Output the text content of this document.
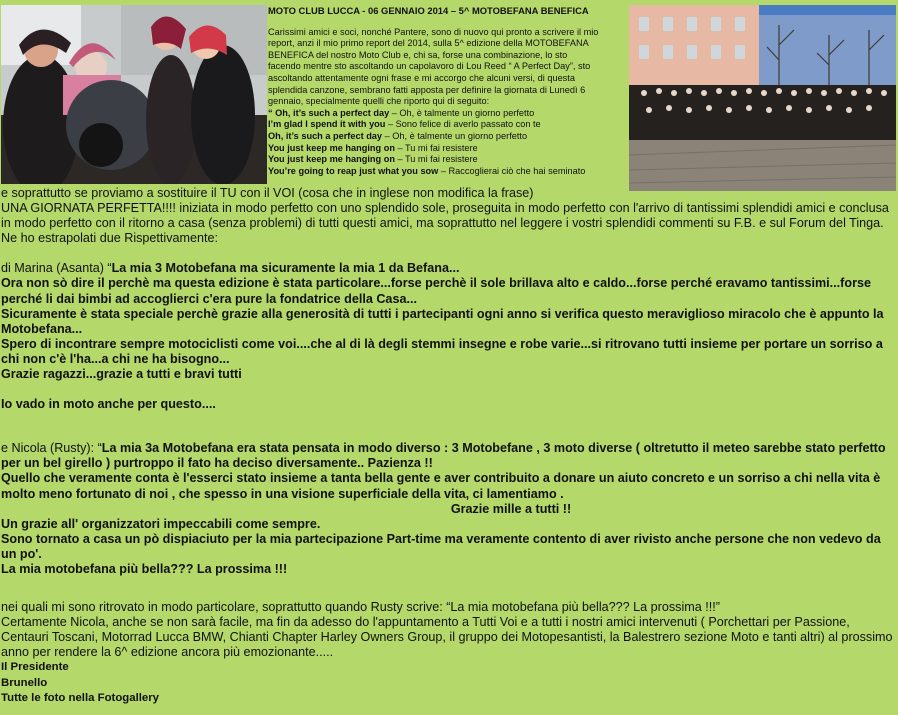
MOTO CLUB LUCCA - 06 GENNAIO 2014 – 5^ MOTOBEFANA BENEFICA
Carissimi amici e soci, nonché Pantere, sono di nuovo qui pronto a scrivere il mio
report, anzi il mio primo report del 2014, sulla 5^ edizione della MOTOBEFANA
BENEFICA del nostro Moto Club e, chi sa, forse una combinazione, lo sto
facendo mentre sto ascoltando un capolavoro di Lou Reed “ A Perfect Day”, sto
ascoltando attentamente ogni frase e mi accorgo che alcuni versi, di questa
splendida canzone, sembrano fatti apposta per definire la giornata di Lunedì 6
gennaio, specialmente quelli che riporto qui di seguito:
“ Oh, it’s such a perfect day – Oh, è talmente un giorno perfetto
I’m glad I spend it with you – Sono felice di averlo passato con te
Oh, it’s such a perfect day – Oh, è talmente un giorno perfetto
You just keep me hanging on – Tu mi fai resistere
You just keep me hanging on – Tu mi fai resistere
You’re going to reap just what you sow – Raccoglierai ciò che hai seminato

e soprattutto se proviamo a sostituire il TU con il VOI (cosa che in inglese non modifica la frase)

UNA GIORNATA PERFETTA!!!! iniziata in modo perfetto con uno splendido sole, proseguita in modo perfetto con l'arrivo di tantissimi splendidi amici e conclusa in modo perfetto con il ritorno a casa (senza problemi) di tutti questi amici, ma soprattutto nel leggere i vostri splendidi commenti su F.B. e sul Forum del Tinga.

Ne ho estrapolati due Rispettivamente:

di Marina (Asanta) “La mia 3 Motobefana ma sicuramente la mia 1 da Befana...

Ora non sò dire il perchè ma questa edizione è stata particolare...forse perchè il sole brillava alto e caldo...forse perché eravamo tantissimi...forse perché li dai bimbi ad accoglierci c'era pure la fondatrice della Casa...

Sicuramente è stata speciale perchè grazie alla generosità di tutti i partecipanti ogni anno si verifica questo meraviglioso miracolo che è appunto la Motobefana...

Spero di incontrare sempre motociclisti come voi....che al di là degli stemmi insegne e robe varie...si ritrovano tutti insieme per portare un sorriso a chi non c'è l'ha...a chi ne ha bisogno...

Grazie ragazzi...grazie a tutti e bravi tutti

Io vado in moto anche per questo....

e Nicola (Rusty): “La mia 3a Motobefana era stata pensata in modo diverso : 3 Motobefane , 3 moto diverse ( oltretutto il meteo sarebbe stato perfetto per un bel girello ) purtroppo il fato ha deciso diversamente.. Pazienza !!

Quello che veramente conta è l'esserci stato insieme a tanta bella gente e aver contribuito a donare un aiuto concreto e un sorriso a chi nella vita è molto meno fortunato di noi , che spesso in una visione superficiale della vita, ci lamentiamo .

Grazie mille a tutti !!

Un grazie all' organizzatori impeccabili come sempre.

Sono tornato a casa un pò dispiaciuto per la mia partecipazione Part-time ma veramente contento di aver rivisto anche persone che non vedevo da un po'.

La mia motobefana più bella??? La prossima !!!

nei quali mi sono ritrovato in modo particolare, soprattutto quando Rusty scrive: “La mia motobefana più bella??? La prossima !!!”

Certamente Nicola, anche se non sarà facile, ma fin da adesso do l'appuntamento a Tutti Voi e a tutti i nostri amici intervenuti ( Porchettari per Passione, Centauri Toscani, Motorrad Lucca BMW, Chianti Chapter Harley Owners Group, il gruppo dei Motopesantisti, la Balestrero sezione Moto e tanti altri) al prossimo anno per rendere la 6^ edizione ancora più emozionante.....

Il Presidente

Brunello

Tutte le foto nella Fotogallery
